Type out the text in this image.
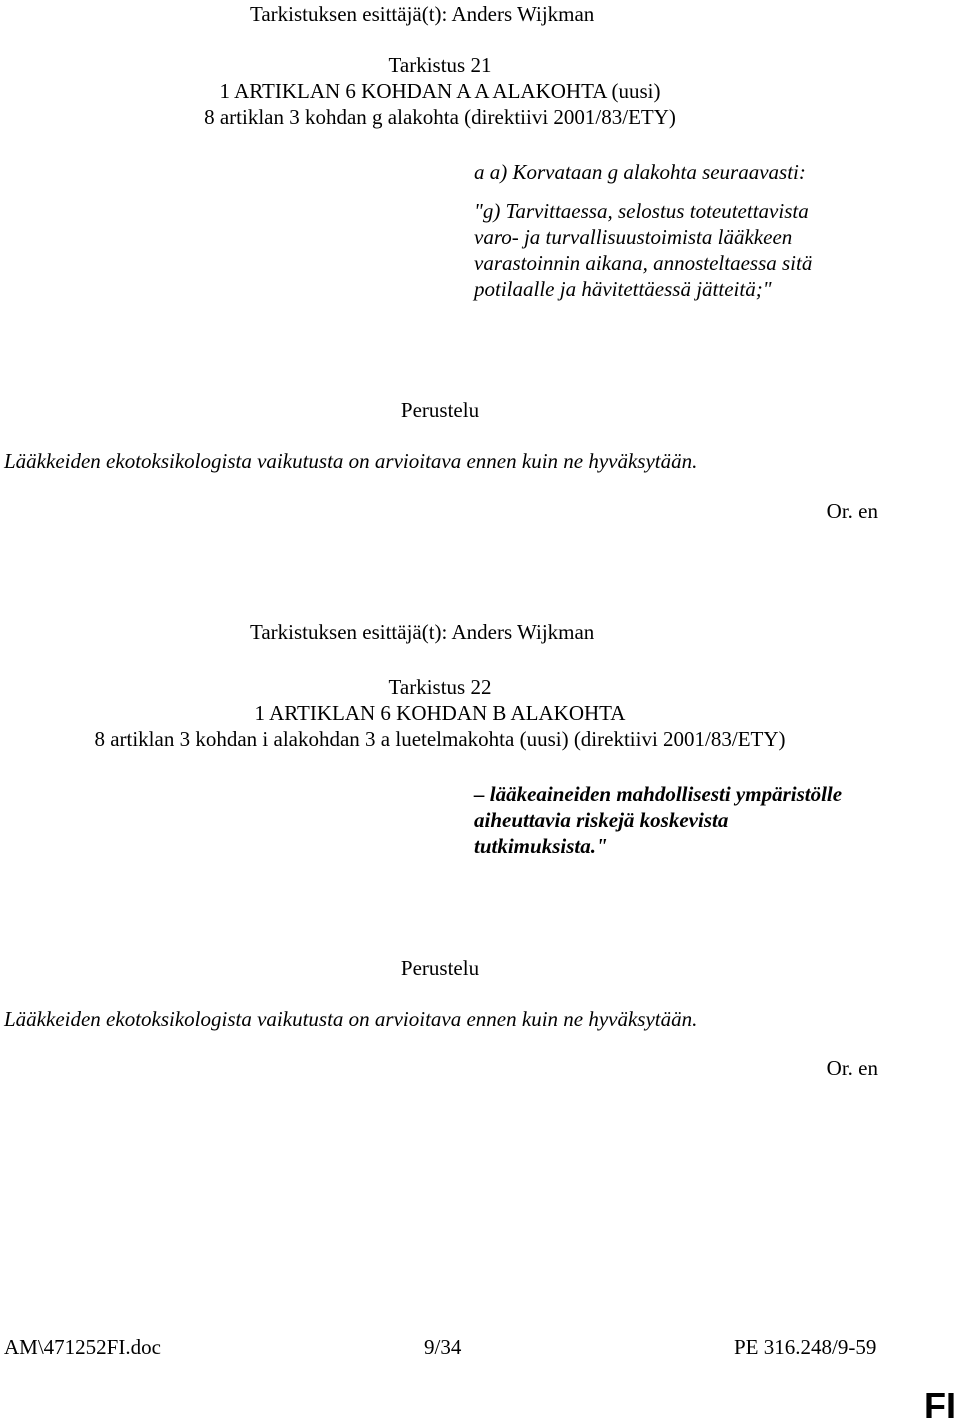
Tarkistuksen esittäjä(t): Anders Wijkman
Tarkistus 21
1 ARTIKLAN 6 KOHDAN A A ALAKOHTA (uusi)
8 artiklan 3 kohdan g alakohta (direktiivi 2001/83/ETY)
a a) Korvataan g alakohta seuraavasti:
"g) Tarvittaessa, selostus toteutettavista
varo- ja turvallisuustoimista lääkkeen
varastoinnin aikana, annosteltaessa sitä
potilaalle ja hävitettäessä jätteitä;"
Perustelu
Lääkkeiden ekotoksikologista vaikutusta on arvioitava ennen kuin ne hyväksytään.
Or. en
Tarkistuksen esittäjä(t): Anders Wijkman
Tarkistus 22
1 ARTIKLAN 6 KOHDAN B ALAKOHTA
8 artiklan 3 kohdan i alakohdan 3 a luetelmakohta (uusi) (direktiivi 2001/83/ETY)
– lääkeaineiden mahdollisesti ympäristölle
aiheuttavia riskejä koskevista
tutkimuksista."
Perustelu
Lääkkeiden ekotoksikologista vaikutusta on arvioitava ennen kuin ne hyväksytään.
Or. en
AM\471252FI.doc	9/34	PE 316.248/9-59
FI
